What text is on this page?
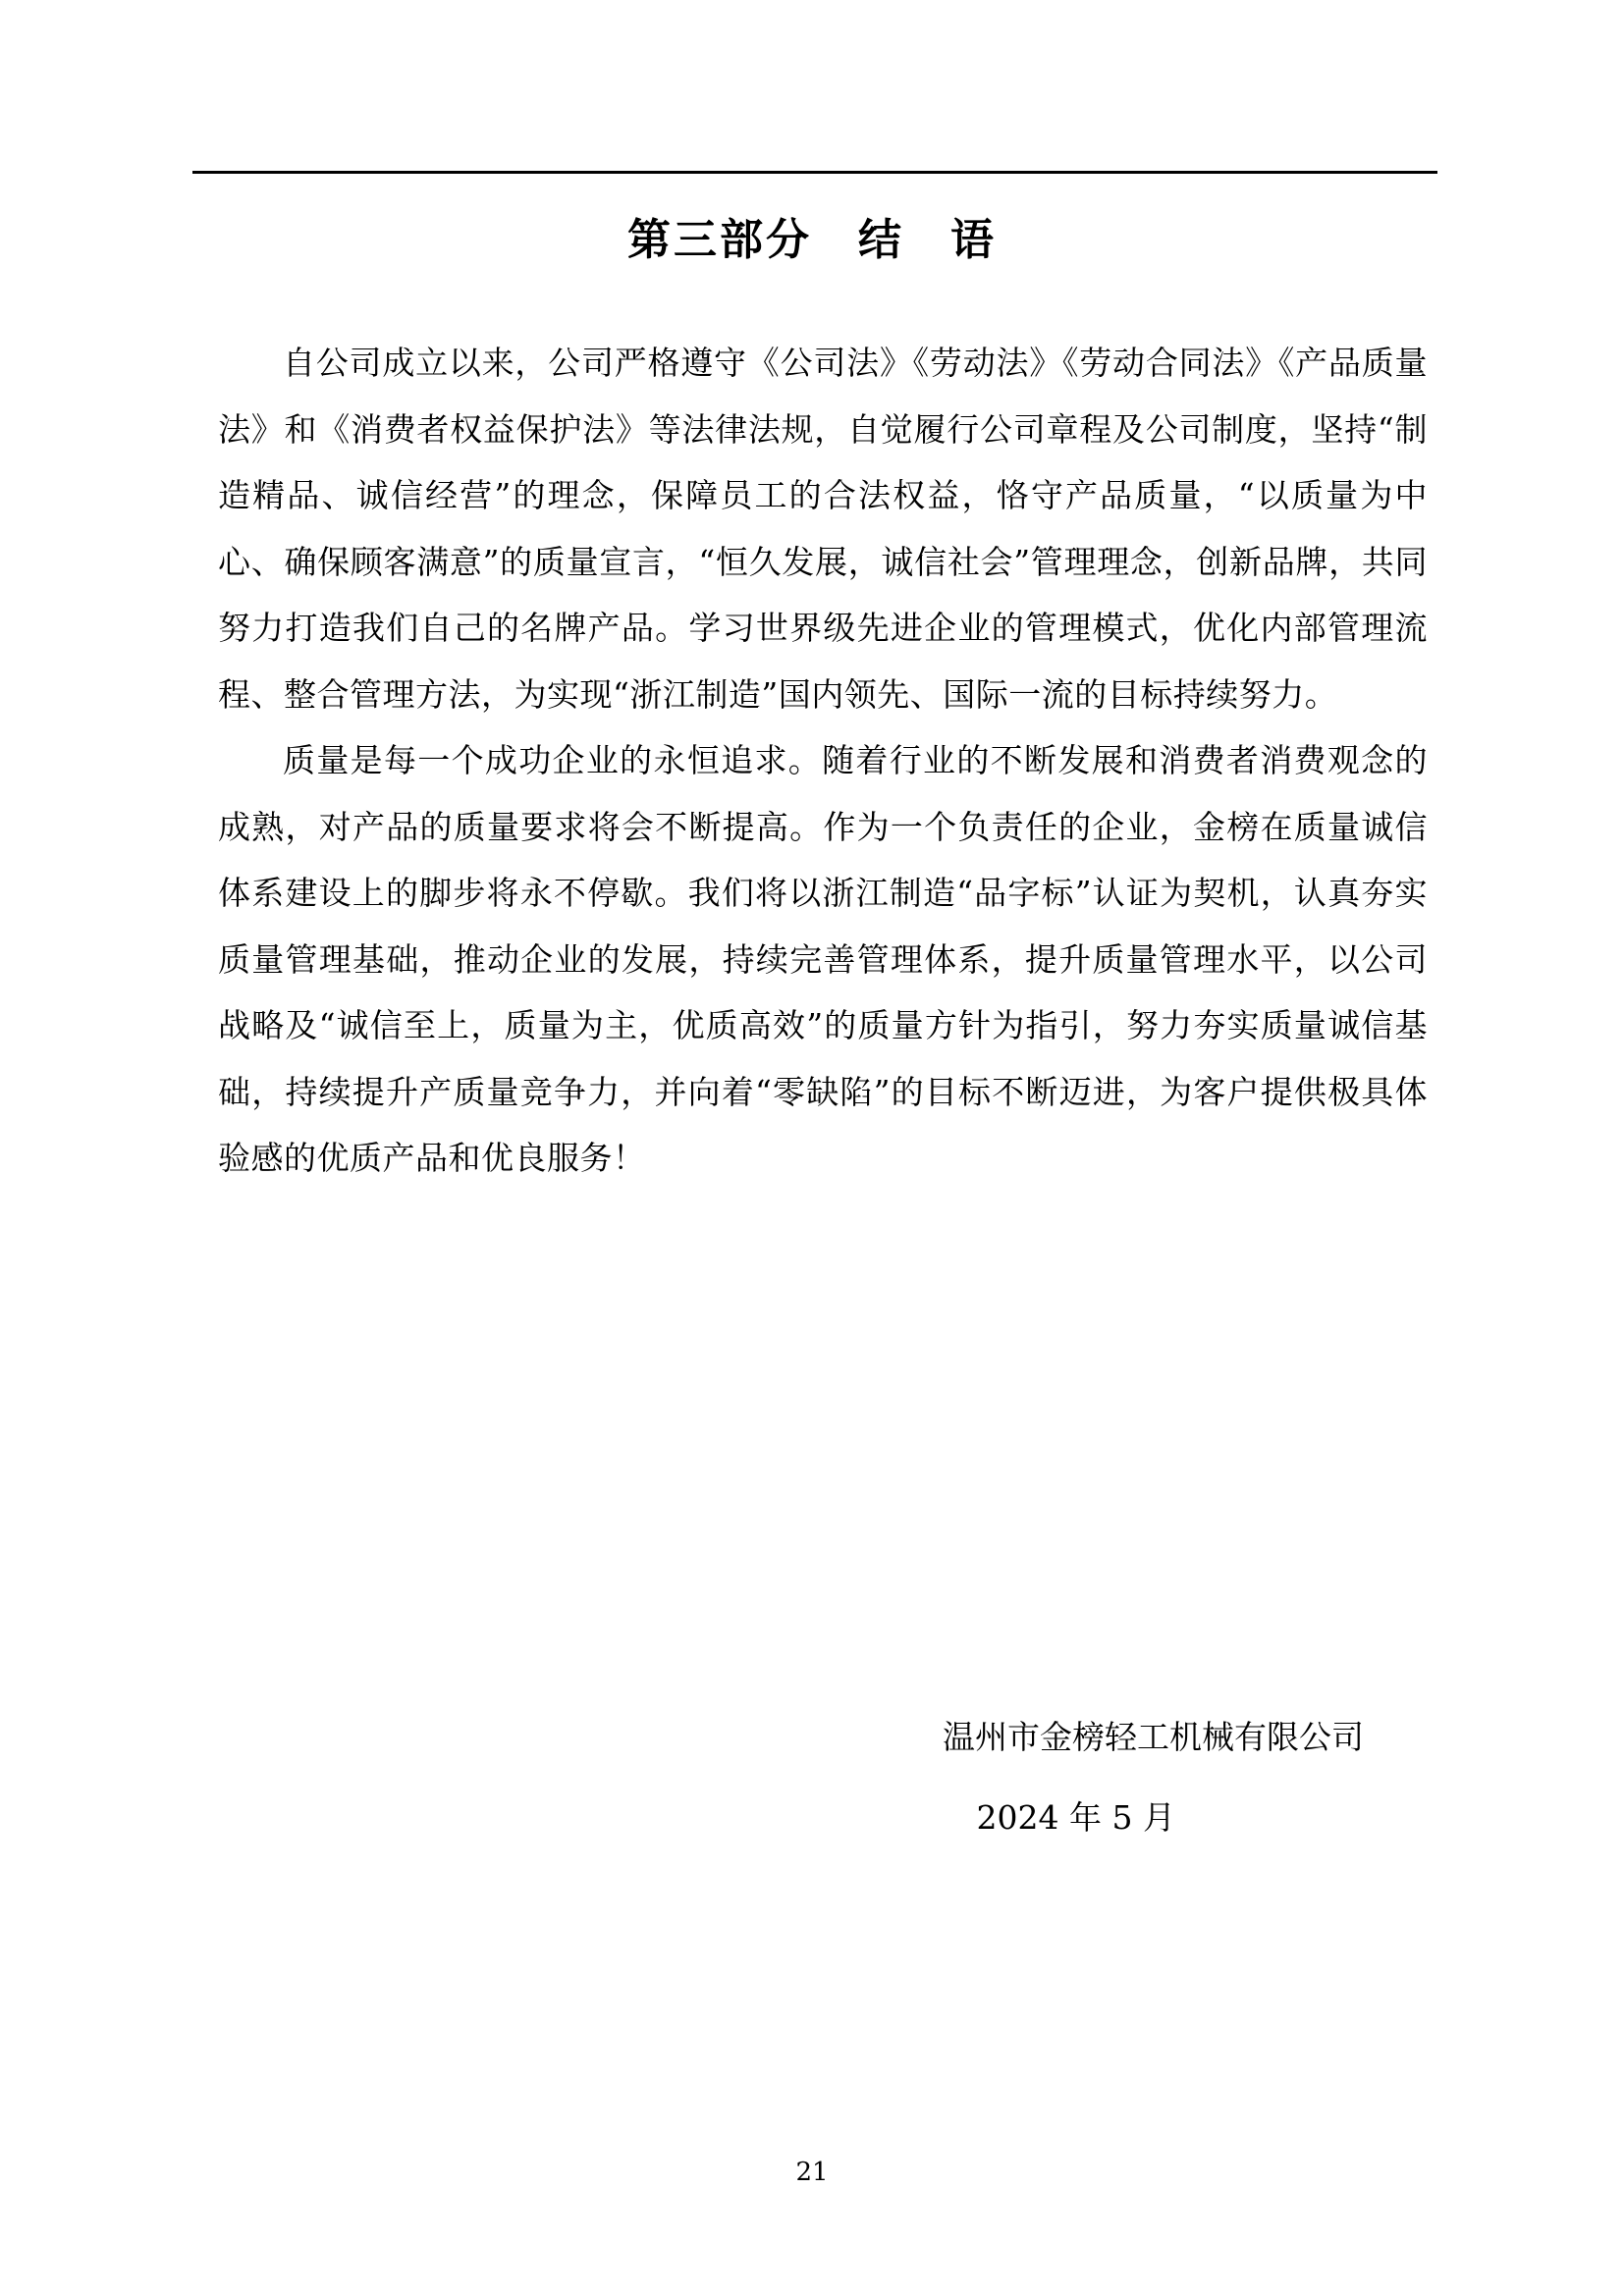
第三部分　结　语

自公司成立以来，公司严格遵守《公司法》《劳动法》《劳动合同法》《产品质量法》和《消费者权益保护法》等法律法规，自觉履行公司章程及公司制度，坚持“制造精品、诚信经营”的理念，保障员工的合法权益，恪守产品质量，“以质量为中心、确保顾客满意”的质量宣言，“恒久发展，诚信社会”管理理念，创新品牌，共同努力打造我们自己的名牌产品。学习世界级先进企业的管理模式，优化内部管理流程、整合管理方法，为实现“浙江制造”国内领先、国际一流的目标持续努力。

质量是每一个成功企业的永恒追求。随着行业的不断发展和消费者消费观念的成熟，对产品的质量要求将会不断提高。作为一个负责任的企业，金榜在质量诚信体系建设上的脚步将永不停歇。我们将以浙江制造“品字标”认证为契机，认真夯实质量管理基础，推动企业的发展，持续完善管理体系，提升质量管理水平，以公司战略及“诚信至上，质量为主，优质高效”的质量方针为指引，努力夯实质量诚信基础，持续提升产质量竞争力，并向着“零缺陷”的目标不断迈进，为客户提供极具体验感的优质产品和优良服务！

温州市金榜轻工机械有限公司
2024 年 5 月
21
